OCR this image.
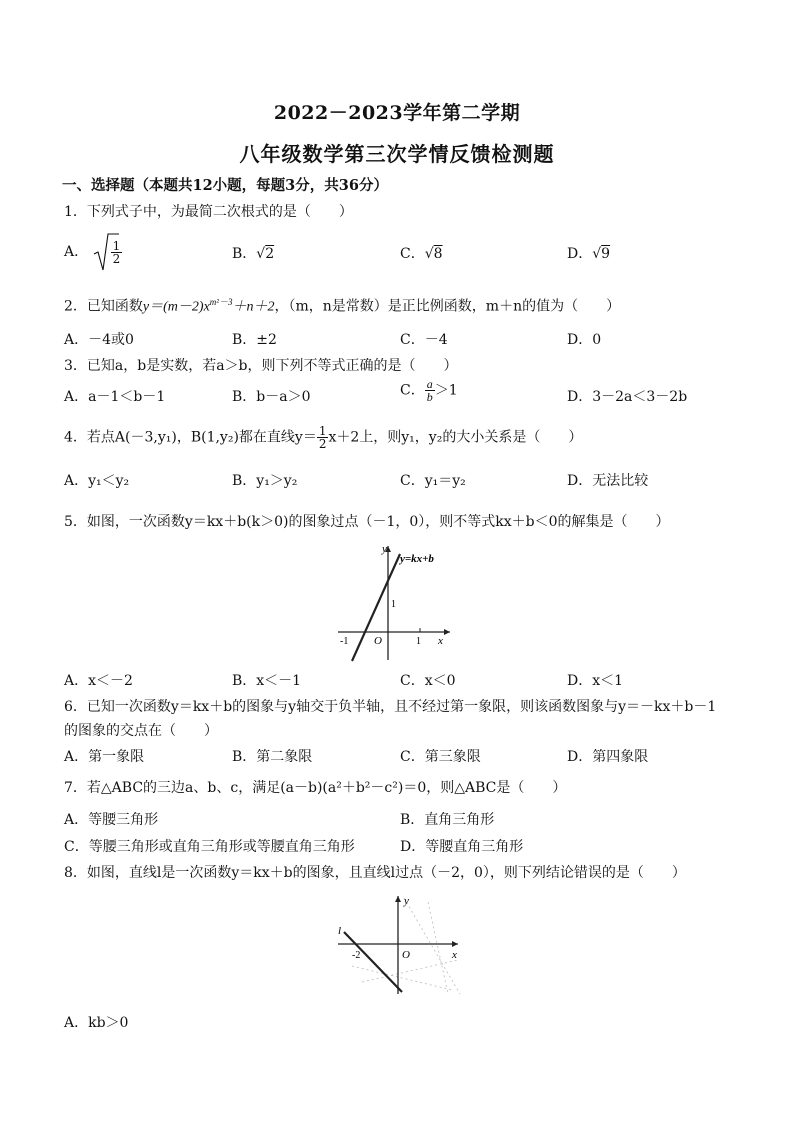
2022－2023学年第二学期
八年级数学第三次学情反馈检测题
一、选择题（本题共12小题，每题3分，共36分）
1．下列式子中，为最简二次根式的是（　　）
A． $\frac{1}{2}$	B．√2	C．√8	D．√9
2．已知函数$y=(m-2)x^{m^2-3}+n+2$，（m，n是常数）是正比例函数，m＋n的值为（　　）
A．－4或0	B．±2	C．－4	D．0
3．已知a，b是实数，若a＞b，则下列不等式正确的是（　　）
A．a－1＜b－1	B．b－a＞0	C． $\frac{a}{b} >1$	D．3－2a＜3－2b
4．若点A(－3,y₁)，B(1,y₂)都在直线$y= \frac{1}{2} x+2$上，则y₁，y₂的大小关系是（　　）
A．y₁＜y₂	B．y₁＞y₂	C．y₁＝y₂	D．无法比较
5．如图，一次函数y＝kx＋b(k＞0)的图象过点（－1，0），则不等式kx＋b＜0的解集是（　　）
y
y=kx+b
1
-1 O	1 x
A．x＜－2	B．x＜－1	C．x＜0	D．x＜1
6．已知一次函数y＝kx＋b的图象与y轴交于负半轴，且不经过第一象限，则该函数图象与y＝－kx＋b－1
的图象的交点在（　　）
A．第一象限	B．第二象限	C．第三象限	D．第四象限
7．若△ABC的三边a、b、c，满足(a－b)(a²＋b²－c²)＝0，则△ABC是（　　）
A．等腰三角形	B．直角三角形
C．等腰三角形或直角三角形或等腰直角三角形	D．等腰直角三角形
8．如图，直线l是一次函数y＝kx＋b的图象，且直线l过点（－2，0），则下列结论错误的是（　　）
l
y
-2	O	x
A．kb＞0
